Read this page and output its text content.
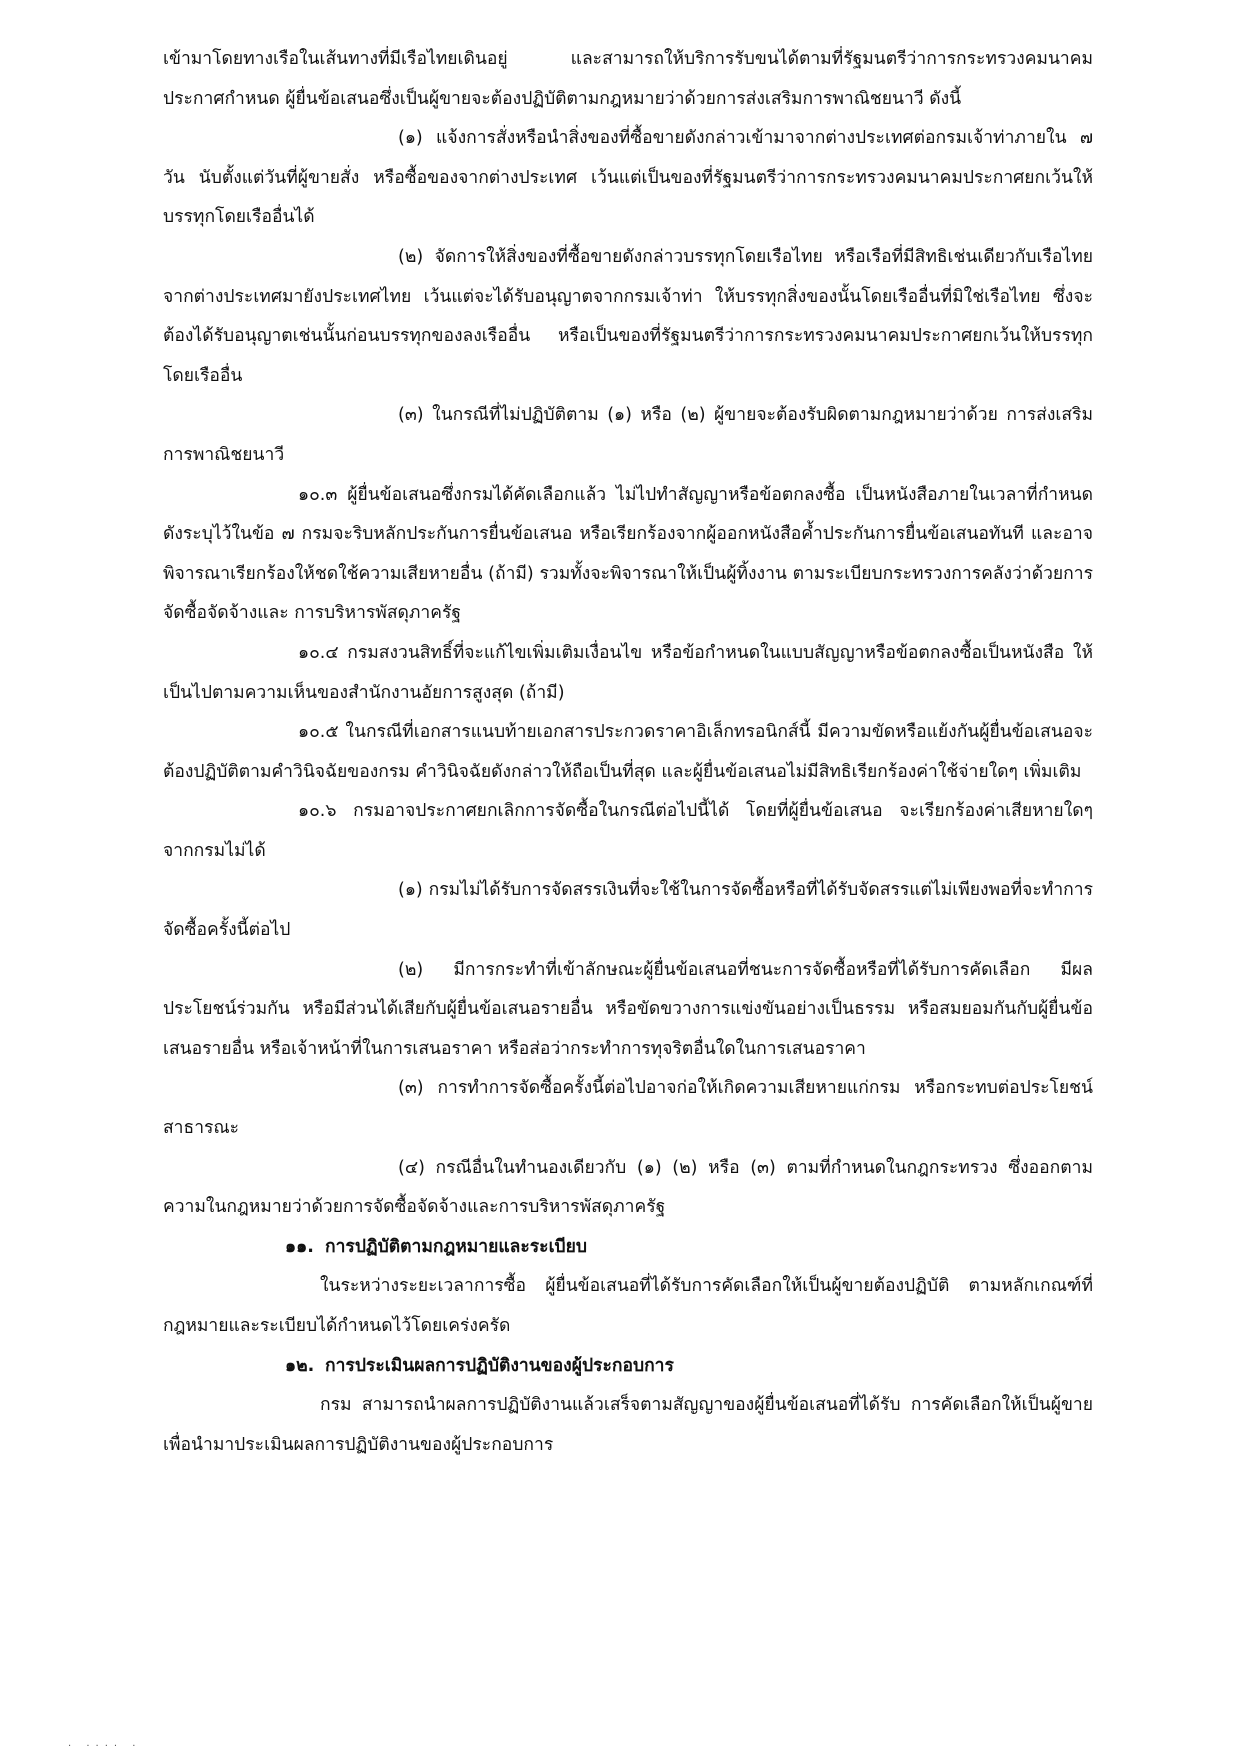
เข้ามาโดยทางเรือในเส้นทางที่มีเรือไทยเดินอยู่ และสามารถให้บริการรับขนได้ตามที่รัฐมนตรีว่าการกระทรวงคมนาคมประกาศกำหนด ผู้ยื่นข้อเสนอซึ่งเป็นผู้ขายจะต้องปฏิบัติตามกฎหมายว่าด้วยการส่งเสริมการพาณิชยนาวี ดังนี้

(๑) แจ้งการสั่งหรือนำสิ่งของที่ซื้อขายดังกล่าวเข้ามาจากต่างประเทศต่อกรมเจ้าท่าภายใน ๗ วัน นับตั้งแต่วันที่ผู้ขายสั่ง หรือซื้อของจากต่างประเทศ เว้นแต่เป็นของที่รัฐมนตรีว่าการกระทรวงคมนาคมประกาศยกเว้นให้บรรทุกโดยเรืออื่นได้

(๒) จัดการให้สิ่งของที่ซื้อขายดังกล่าวบรรทุกโดยเรือไทย หรือเรือที่มีสิทธิเช่นเดียวกับเรือไทย จากต่างประเทศมายังประเทศไทย เว้นแต่จะได้รับอนุญาตจากกรมเจ้าท่า ให้บรรทุกสิ่งของนั้นโดยเรืออื่นที่มิใช่เรือไทย ซึ่งจะต้องได้รับอนุญาตเช่นนั้นก่อนบรรทุกของลงเรืออื่น หรือเป็นของที่รัฐมนตรีว่าการกระทรวงคมนาคมประกาศยกเว้นให้บรรทุกโดยเรืออื่น

(๓) ในกรณีที่ไม่ปฏิบัติตาม (๑) หรือ (๒) ผู้ขายจะต้องรับผิดตามกฎหมายว่าด้วย การส่งเสริมการพาณิชยนาวี

๑๐.๓ ผู้ยื่นข้อเสนอซึ่งกรมได้คัดเลือกแล้ว ไม่ไปทำสัญญาหรือข้อตกลงซื้อ เป็นหนังสือภายในเวลาที่กำหนด ดังระบุไว้ในข้อ ๗ กรมจะริบหลักประกันการยื่นข้อเสนอ หรือเรียกร้องจากผู้ออกหนังสือค้ำประกันการยื่นข้อเสนอทันที และอาจพิจารณาเรียกร้องให้ชดใช้ความเสียหายอื่น (ถ้ามี) รวมทั้งจะพิจารณาให้เป็นผู้ทิ้งงาน ตามระเบียบกระทรวงการคลังว่าด้วยการจัดซื้อจัดจ้างและ การบริหารพัสดุภาครัฐ

๑๐.๔ กรมสงวนสิทธิ์ที่จะแก้ไขเพิ่มเติมเงื่อนไข หรือข้อกำหนดในแบบสัญญาหรือข้อตกลงซื้อเป็นหนังสือ ให้เป็นไปตามความเห็นของสำนักงานอัยการสูงสุด (ถ้ามี)

๑๐.๕ ในกรณีที่เอกสารแนบท้ายเอกสารประกวดราคาอิเล็กทรอนิกส์นี้ มีความขัดหรือแย้งกันผู้ยื่นข้อเสนอจะต้องปฏิบัติตามคำวินิจฉัยของกรม คำวินิจฉัยดังกล่าวให้ถือเป็นที่สุด และผู้ยื่นข้อเสนอไม่มีสิทธิเรียกร้องค่าใช้จ่ายใดๆ เพิ่มเติม

๑๐.๖ กรมอาจประกาศยกเลิกการจัดซื้อในกรณีต่อไปนี้ได้ โดยที่ผู้ยื่นข้อเสนอ จะเรียกร้องค่าเสียหายใดๆ จากกรมไม่ได้

(๑) กรมไม่ได้รับการจัดสรรเงินที่จะใช้ในการจัดซื้อหรือที่ได้รับจัดสรรแต่ไม่เพียงพอที่จะทำการจัดซื้อครั้งนี้ต่อไป

(๒) มีการกระทำที่เข้าลักษณะผู้ยื่นข้อเสนอที่ชนะการจัดซื้อหรือที่ได้รับการคัดเลือก มีผลประโยชน์ร่วมกัน หรือมีส่วนได้เสียกับผู้ยื่นข้อเสนอรายอื่น หรือขัดขวางการแข่งขันอย่างเป็นธรรม หรือสมยอมกันกับผู้ยื่นข้อเสนอรายอื่น หรือเจ้าหน้าที่ในการเสนอราคา หรือส่อว่ากระทำการทุจริตอื่นใดในการเสนอราคา

(๓) การทำการจัดซื้อครั้งนี้ต่อไปอาจก่อให้เกิดความเสียหายแก่กรม หรือกระทบต่อประโยชน์สาธารณะ

(๔) กรณีอื่นในทำนองเดียวกับ (๑) (๒) หรือ (๓) ตามที่กำหนดในกฎกระทรวง ซึ่งออกตามความในกฎหมายว่าด้วยการจัดซื้อจัดจ้างและการบริหารพัสดุภาครัฐ

๑๑. การปฏิบัติตามกฎหมายและระเบียบ

ในระหว่างระยะเวลาการซื้อ ผู้ยื่นข้อเสนอที่ได้รับการคัดเลือกให้เป็นผู้ขายต้องปฏิบัติ ตามหลักเกณฑ์ที่กฎหมายและระเบียบได้กำหนดไว้โดยเคร่งครัด

๑๒. การประเมินผลการปฏิบัติงานของผู้ประกอบการ

กรม สามารถนำผลการปฏิบัติงานแล้วเสร็จตามสัญญาของผู้ยื่นข้อเสนอที่ได้รับ การคัดเลือกให้เป็นผู้ขายเพื่อนำมาประเมินผลการปฏิบัติงานของผู้ประกอบการ

. .... .
